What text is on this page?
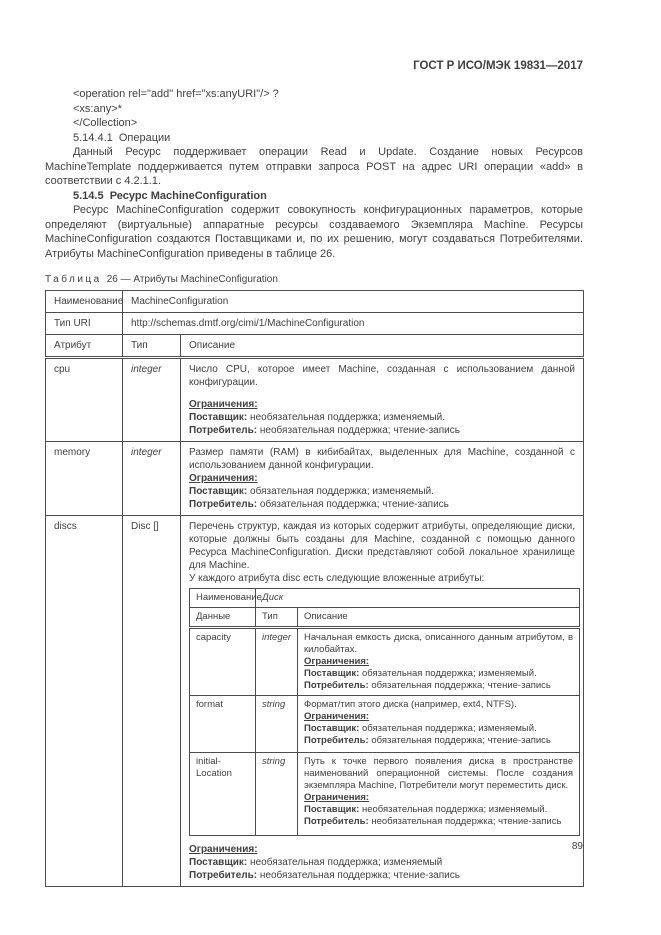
ГОСТ Р ИСО/МЭК 19831—2017
<operation rel="add" href="xs:anyURI"/> ?
<xs:any>*
</Collection>
5.14.4.1  Операции

Данный Ресурс поддерживает операции Read и Update. Создание новых Ресурсов MachineTemplate поддерживается путем отправки запроса POST на адрес URI операции «add» в соответствии с 4.2.1.1.

5.14.5  Ресурс MachineConfiguration

Ресурс MachineConfiguration содержит совокупность конфигурационных параметров, которые определяют (виртуальные) аппаратные ресурсы создаваемого Экземпляра Machine. Ресурсы MachineConfiguration создаются Поставщиками и, по их решению, могут создаваться Потребителями. Атрибуты MachineConfiguration приведены в таблице 26.

Таблица 26 — Атрибуты MachineConfiguration
Наименование	MachineConfiguration
Тип URI	http://schemas.dmtf.org/cimi/1/MachineConfiguration
Атрибут	Тип	Описание
cpu	integer	Число CPU, которое имеет Machine, созданная с использованием данной конфигурации.

Ограничения:

Поставщик: необязательная поддержка; изменяемый.

Потребитель: необязательная поддержка; чтение-запись

memory	integer	Размер памяти (RAM) в кибибайтах, выделенных для Machine, созданной с использованием данной конфигурации.

Ограничения:

Поставщик: обязательная поддержка; изменяемый.

Потребитель: обязательная поддержка; чтение-запись

discs	Disc []	Перечень структур, каждая из которых содержит атрибуты, определяющие диски, которые должны быть созданы для Machine, созданной с помощью данного Ресурса MachineConfiguration. Диски представляют собой локальное хранилище для Machine.

У каждого атрибута disc есть следующие вложенные атрибуты:

Наименование	Диск
Данные	Тип	Описание
capacity	integer	Начальная емкость диска, описанного данным атрибутом, в килобайтах.

Ограничения:

Поставщик: обязательная поддержка; изменяемый.

Потребитель: обязательная поддержка; чтение-запись

format	string	Формат/тип этого диска (например, ext4, NTFS).

Ограничения:

Поставщик: обязательная поддержка; изменяемый.

Потребитель: обязательная поддержка; чтение-запись

initial-Location	string	Путь к точке первого появления диска в пространстве наименований операционной системы. После создания экземпляра Machine, Потребители могут переместить диск.

Ограничения:

Поставщик: необязательная поддержка; изменяемый.

Потребитель: необязательная поддержка; чтение-запись

Ограничения:

Поставщик: необязательная поддержка; изменяемый

Потребитель: необязательная поддержка; чтение-запись

89
